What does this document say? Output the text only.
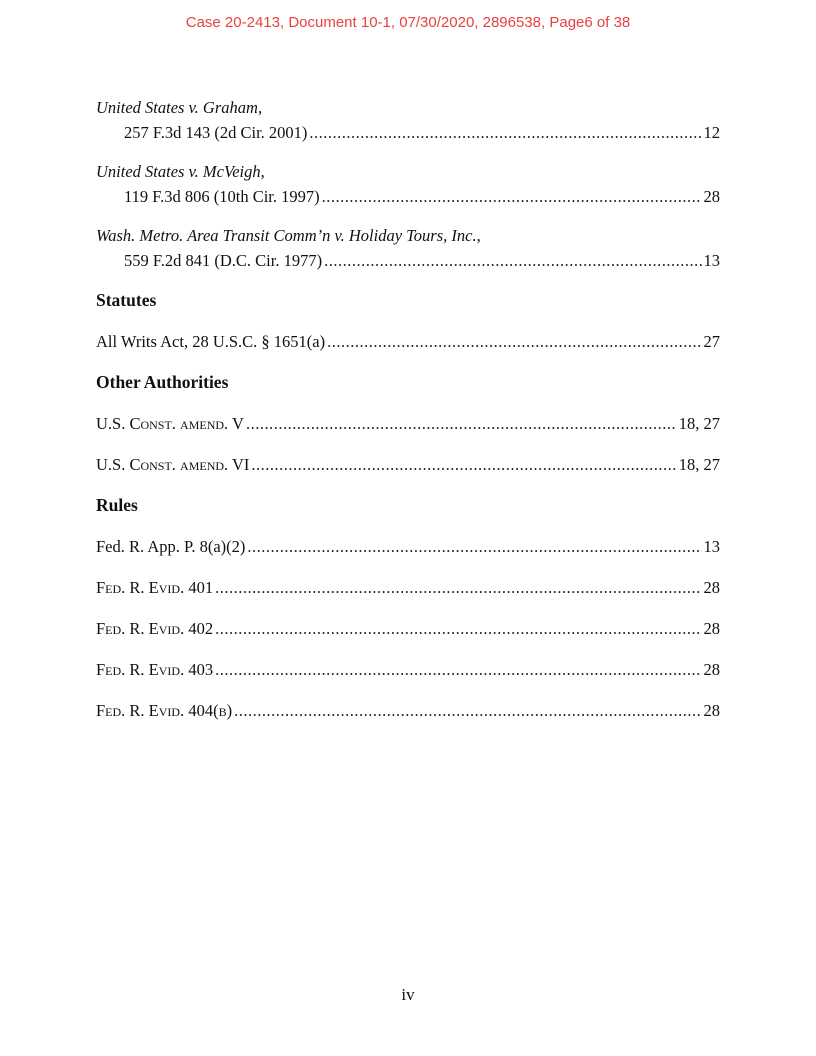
Case 20-2413, Document 10-1, 07/30/2020, 2896538, Page6 of 38
United States v. Graham,
257 F.3d 143 (2d Cir. 2001) .....	12
United States v. McVeigh,
119 F.3d 806 (10th Cir. 1997) .....	28
Wash. Metro. Area Transit Comm’n v. Holiday Tours, Inc.,
559 F.2d 841 (D.C. Cir. 1977) .....	13
Statutes
All Writs Act, 28 U.S.C. § 1651(a) .....	27
Other Authorities
U.S. Const. amend. V .....	18, 27
U.S. Const. amend. VI .....	18, 27
Rules
Fed. R. App. P. 8(a)(2) .....	13
Fed. R. Evid. 401 .....	28
Fed. R. Evid. 402 .....	28
Fed. R. Evid. 403 .....	28
Fed. R. Evid. 404(b) .....	28
iv
